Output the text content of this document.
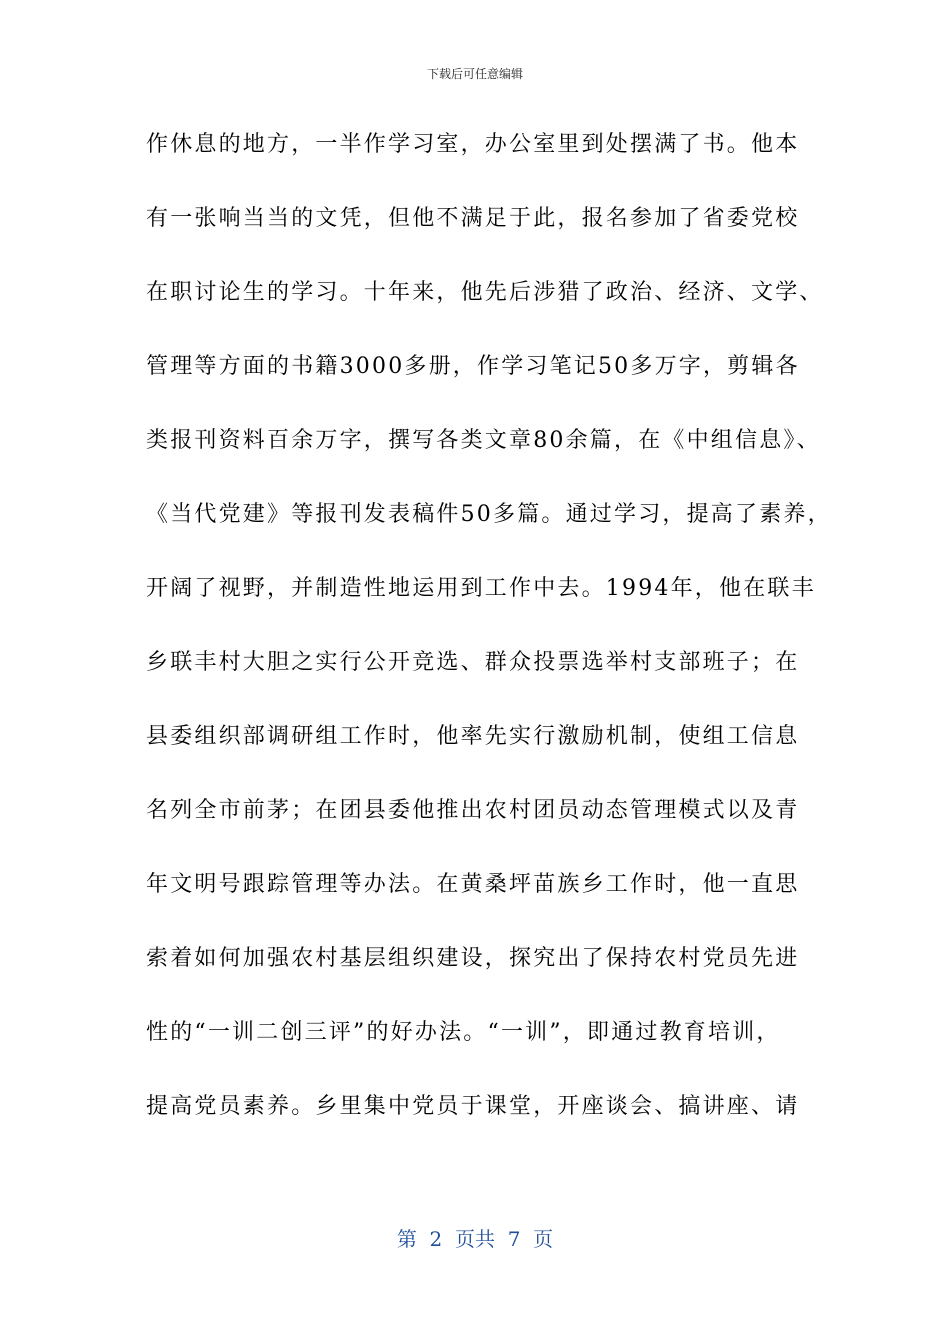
下载后可任意编辑
作休息的地方，一半作学习室，办公室里到处摆满了书。他本
有一张响当当的文凭，但他不满足于此，报名参加了省委党校
在职讨论生的学习。十年来，他先后涉猎了政治、经济、文学、
管理等方面的书籍3000多册，作学习笔记50多万字，剪辑各
类报刊资料百余万字，撰写各类文章80余篇，在《中组信息》、
《当代党建》等报刊发表稿件50多篇。通过学习，提高了素养，
开阔了视野，并制造性地运用到工作中去。1994年，他在联丰
乡联丰村大胆之实行公开竞选、群众投票选举村支部班子；在
县委组织部调研组工作时，他率先实行激励机制，使组工信息
名列全市前茅；在团县委他推出农村团员动态管理模式以及青
年文明号跟踪管理等办法。在黄桑坪苗族乡工作时，他一直思
索着如何加强农村基层组织建设，探究出了保持农村党员先进
性的“一训二创三评”的好办法。“一训”，即通过教育培训，
提高党员素养。乡里集中党员于课堂，开座谈会、搞讲座、请
第  2  页共  7  页
